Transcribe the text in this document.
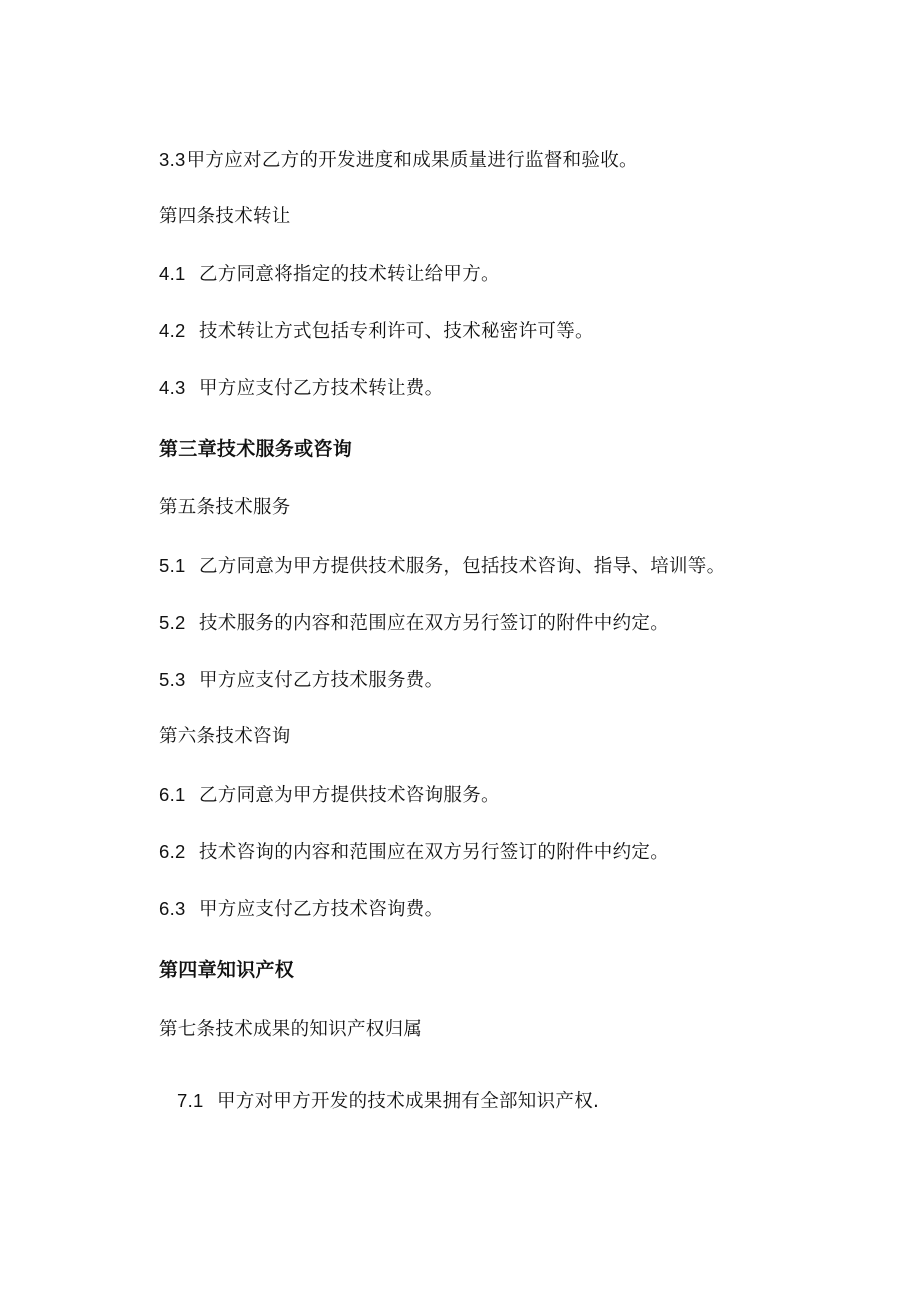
3.3甲方应对乙方的开发进度和成果质量进行监督和验收。
第四条技术转让
4.1 乙方同意将指定的技术转让给甲方。
4.2 技术转让方式包括专利许可、技术秘密许可等。
4.3 甲方应支付乙方技术转让费。
第三章技术服务或咨询
第五条技术服务
5.1 乙方同意为甲方提供技术服务，包括技术咨询、指导、培训等。
5.2 技术服务的内容和范围应在双方另行签订的附件中约定。
5.3 甲方应支付乙方技术服务费。
第六条技术咨询
6.1 乙方同意为甲方提供技术咨询服务。
6.2 技术咨询的内容和范围应在双方另行签订的附件中约定。
6.3 甲方应支付乙方技术咨询费。
第四章知识产权
第七条技术成果的知识产权归属
7.1 甲方对甲方开发的技术成果拥有全部知识产权.
